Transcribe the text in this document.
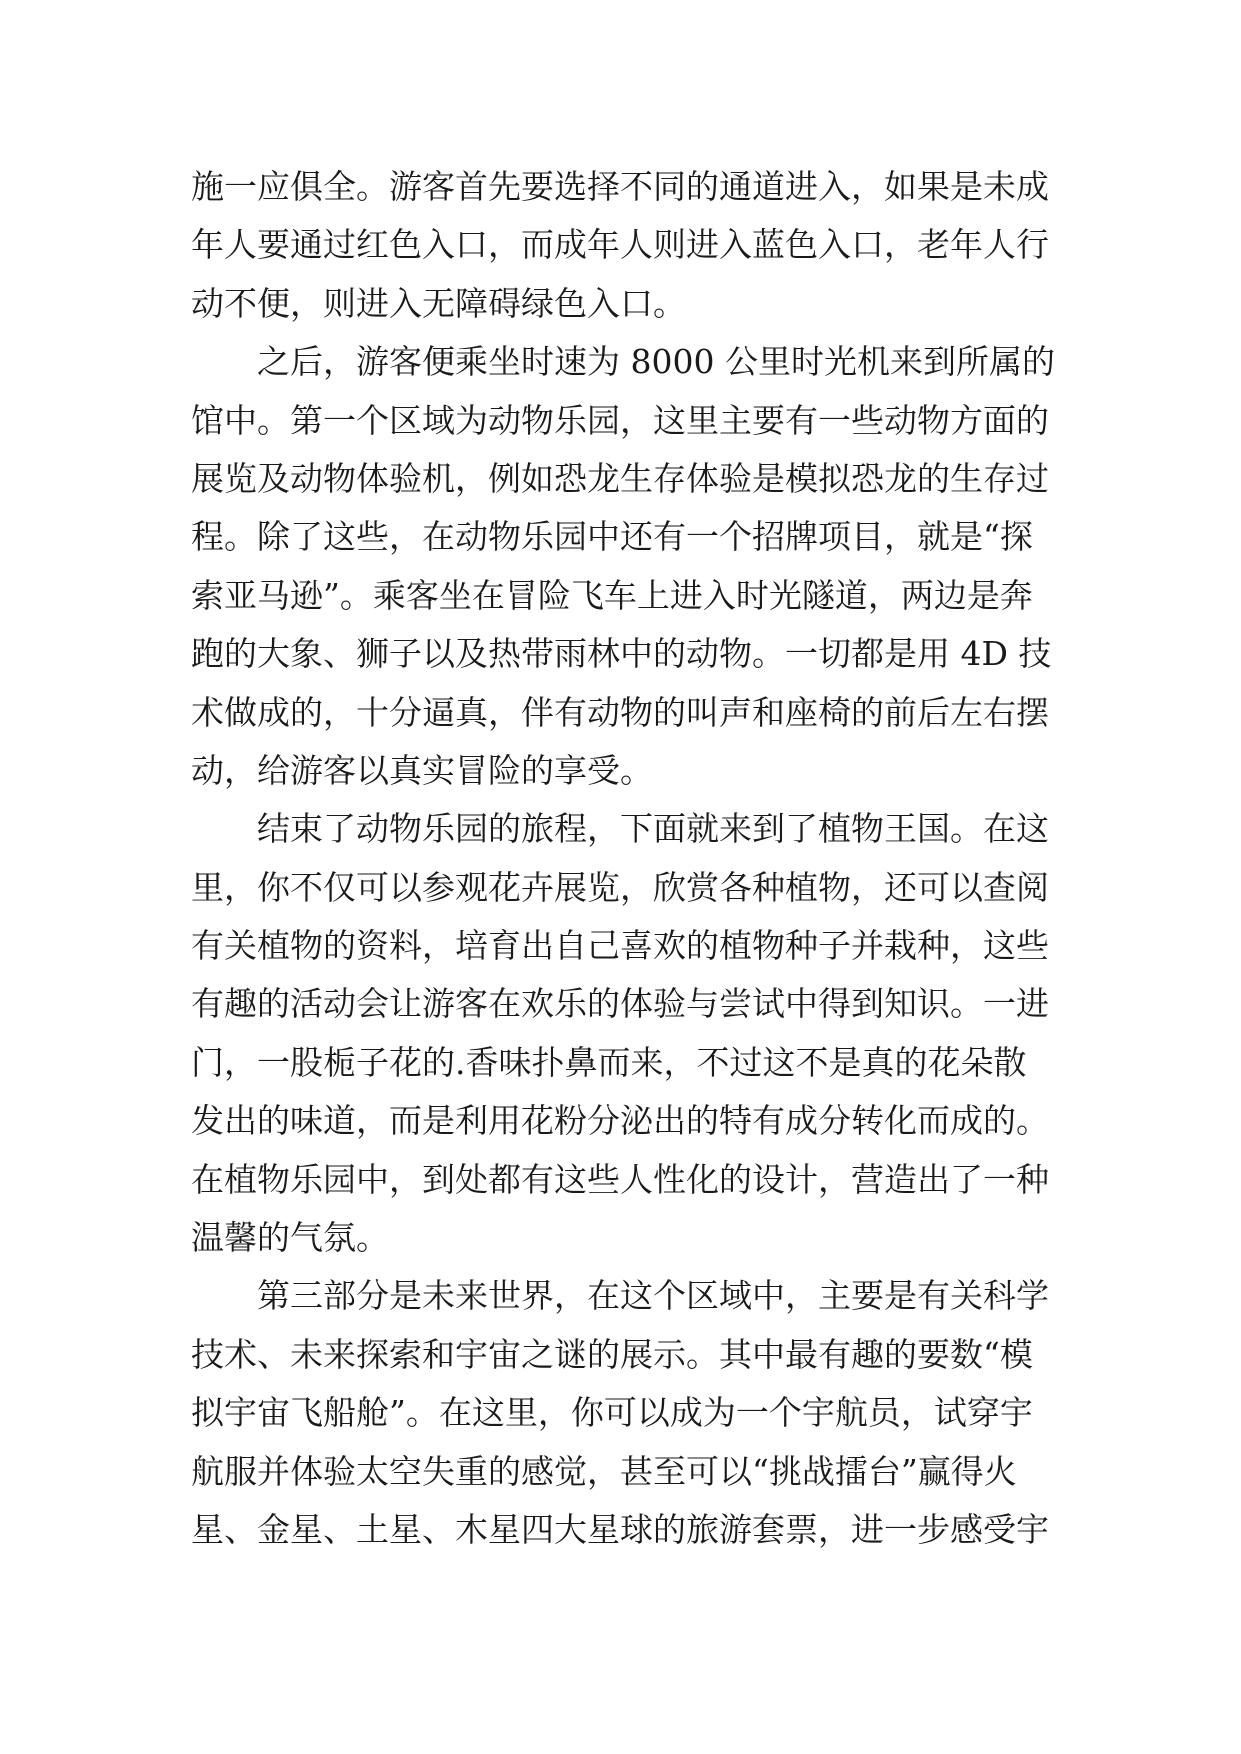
施一应俱全。游客首先要选择不同的通道进入，如果是未成
年人要通过红色入口，而成年人则进入蓝色入口，老年人行
动不便，则进入无障碍绿色入口。
之后，游客便乘坐时速为 8000 公里时光机来到所属的
馆中。第一个区域为动物乐园，这里主要有一些动物方面的
展览及动物体验机，例如恐龙生存体验是模拟恐龙的生存过
程。除了这些，在动物乐园中还有一个招牌项目，就是“探
索亚马逊”。乘客坐在冒险飞车上进入时光隧道，两边是奔
跑的大象、狮子以及热带雨林中的动物。一切都是用 4D 技
术做成的，十分逼真，伴有动物的叫声和座椅的前后左右摆
动，给游客以真实冒险的享受。
结束了动物乐园的旅程，下面就来到了植物王国。在这
里，你不仅可以参观花卉展览，欣赏各种植物，还可以查阅
有关植物的资料，培育出自己喜欢的植物种子并栽种，这些
有趣的活动会让游客在欢乐的体验与尝试中得到知识。一进
门，一股栀子花的.香味扑鼻而来，不过这不是真的花朵散
发出的味道，而是利用花粉分泌出的特有成分转化而成的。
在植物乐园中，到处都有这些人性化的设计，营造出了一种
温馨的气氛。
第三部分是未来世界，在这个区域中，主要是有关科学
技术、未来探索和宇宙之谜的展示。其中最有趣的要数“模
拟宇宙飞船舱”。在这里，你可以成为一个宇航员，试穿宇
航服并体验太空失重的感觉，甚至可以“挑战擂台”赢得火
星、金星、土星、木星四大星球的旅游套票，进一步感受宇
